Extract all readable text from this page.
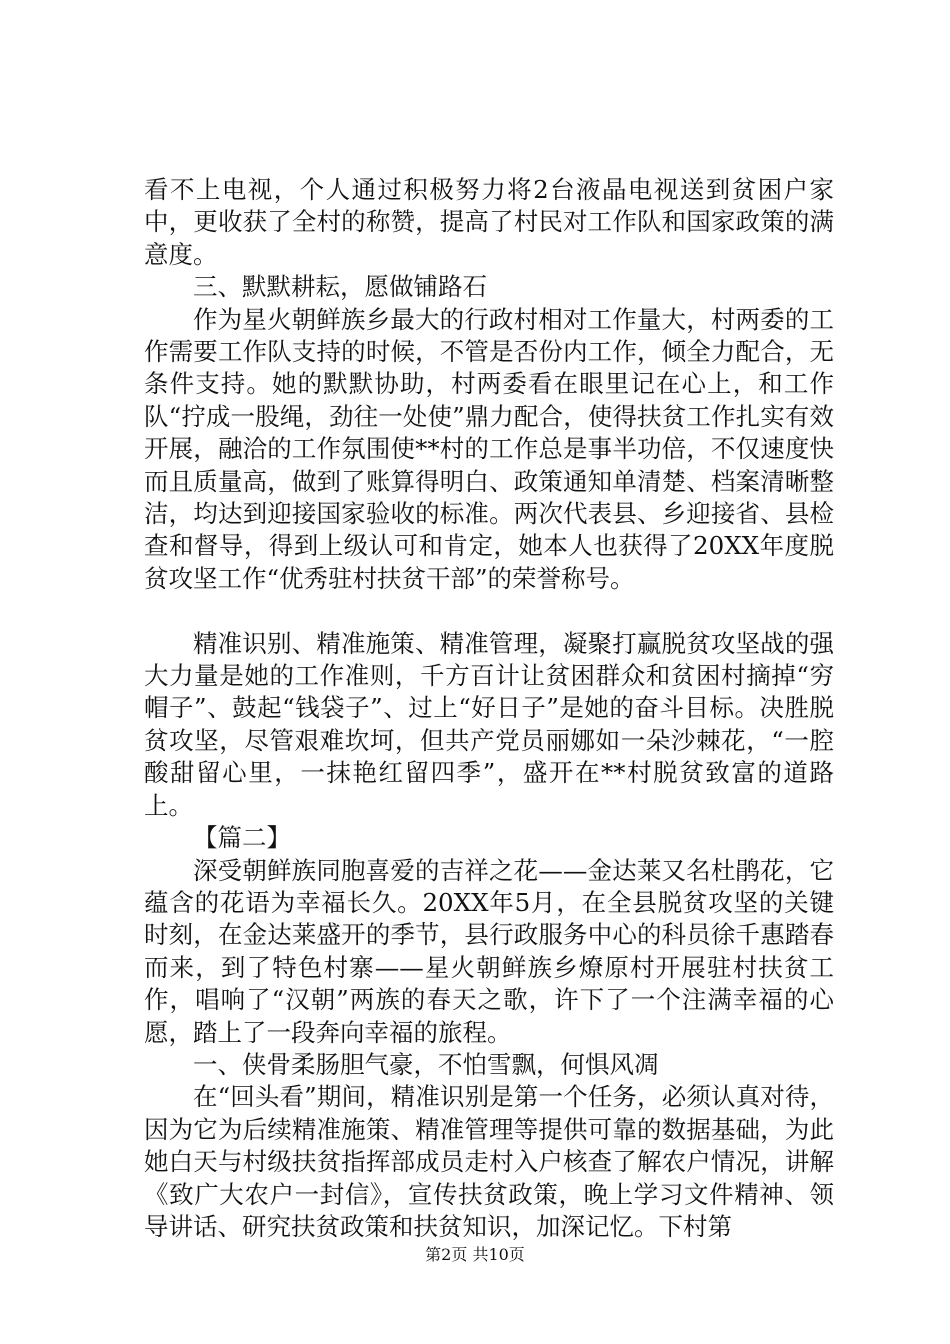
看不上电视，个人通过积极努力将2台液晶电视送到贫困户家中，更收获了全村的称赞，提高了村民对工作队和国家政策的满意度。

三、默默耕耘，愿做铺路石

作为星火朝鲜族乡最大的行政村相对工作量大，村两委的工作需要工作队支持的时候，不管是否份内工作，倾全力配合，无条件支持。她的默默协助，村两委看在眼里记在心上，和工作队“拧成一股绳，劲往一处使”鼎力配合，使得扶贫工作扎实有效开展，融洽的工作氛围使**村的工作总是事半功倍，不仅速度快而且质量高，做到了账算得明白、政策通知单清楚、档案清晰整洁，均达到迎接国家验收的标准。两次代表县、乡迎接省、县检查和督导，得到上级认可和肯定，她本人也获得了20XX年度脱贫攻坚工作“优秀驻村扶贫干部”的荣誉称号。

精准识别、精准施策、精准管理，凝聚打赢脱贫攻坚战的强大力量是她的工作准则，千方百计让贫困群众和贫困村摘掉“穷帽子”、鼓起“钱袋子”、过上“好日子”是她的奋斗目标。决胜脱贫攻坚，尽管艰难坎坷，但共产党员丽娜如一朵沙棘花，“一腔酸甜留心里，一抹艳红留四季”，盛开在**村脱贫致富的道路上。

【篇二】

深受朝鲜族同胞喜爱的吉祥之花——金达莱又名杜鹃花，它蕴含的花语为幸福长久。20XX年5月，在全县脱贫攻坚的关键时刻，在金达莱盛开的季节，县行政服务中心的科员徐千惠踏春而来，到了特色村寨——星火朝鲜族乡燎原村开展驻村扶贫工作，唱响了“汉朝”两族的春天之歌，许下了一个注满幸福的心愿，踏上了一段奔向幸福的旅程。

一、侠骨柔肠胆气豪，不怕雪飘，何惧风凋

在“回头看”期间，精准识别是第一个任务，必须认真对待，因为它为后续精准施策、精准管理等提供可靠的数据基础，为此她白天与村级扶贫指挥部成员走村入户核查了解农户情况，讲解《致广大农户一封信》，宣传扶贫政策，晚上学习文件精神、领导讲话、研究扶贫政策和扶贫知识，加深记忆。下村第

第2页 共10页
